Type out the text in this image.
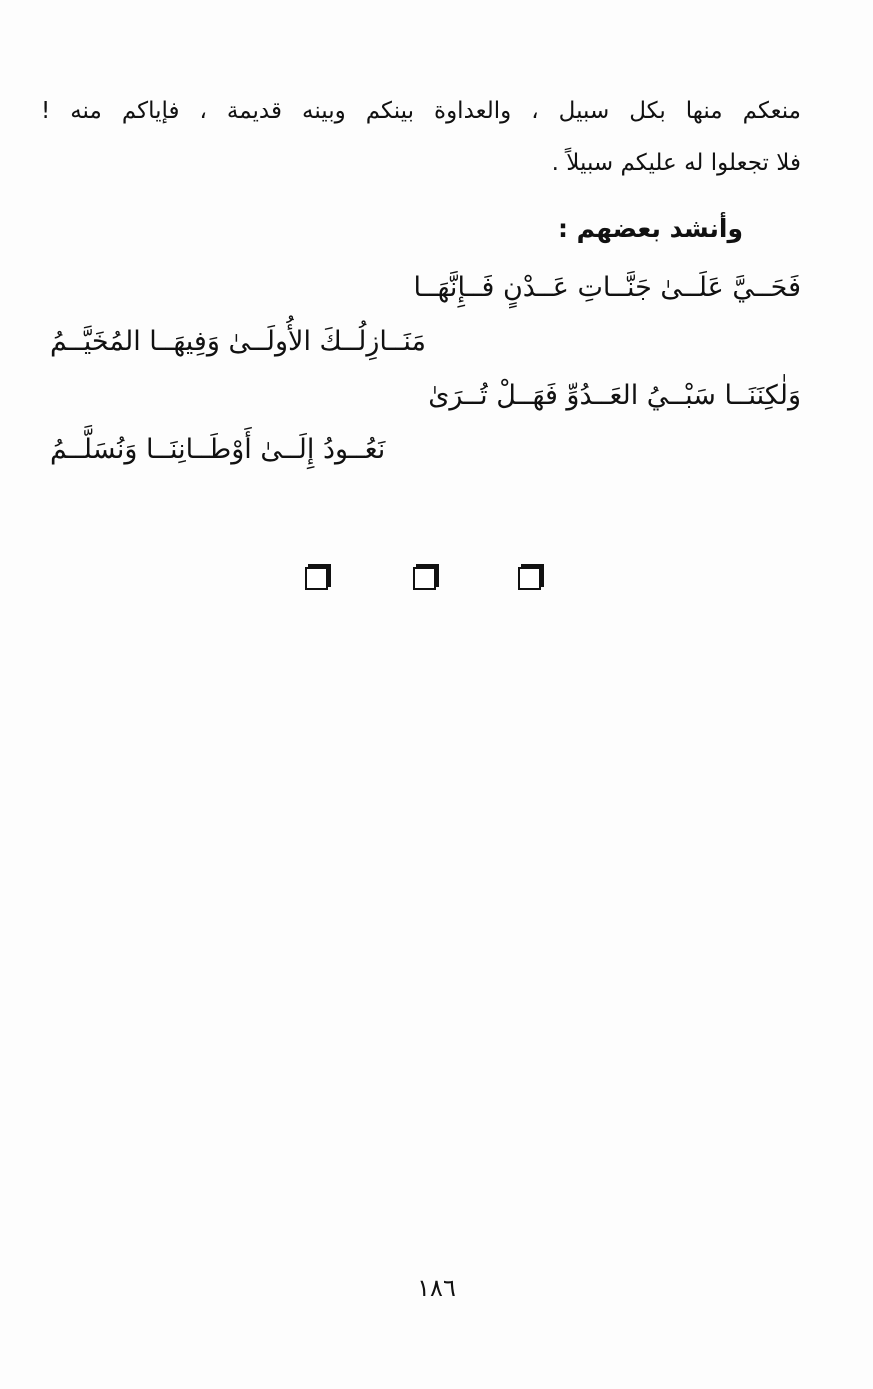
منعكم منها بكل سبيل ، والعداوة بينكم وبينه قديمة ، فإياكم منه !
فلا تجعلوا له عليكم سبيلاً .
وأنشد بعضهم :
فَحَــيَّ عَلَــىٰ جَنَّــاتِ عَــدْنٍ فَــإِنَّهَــا
مَنَــازِلُــكَ الأُولَــىٰ وَفِيهَــا المُخَيَّــمُ
وَلٰكِنَنَــا سَبْــيُ العَــدُوِّ فَهَــلْ تُــرَىٰ
نَعُــودُ إِلَــىٰ أَوْطَــانِنَــا وَنُسَلَّــمُ
١٨٦
